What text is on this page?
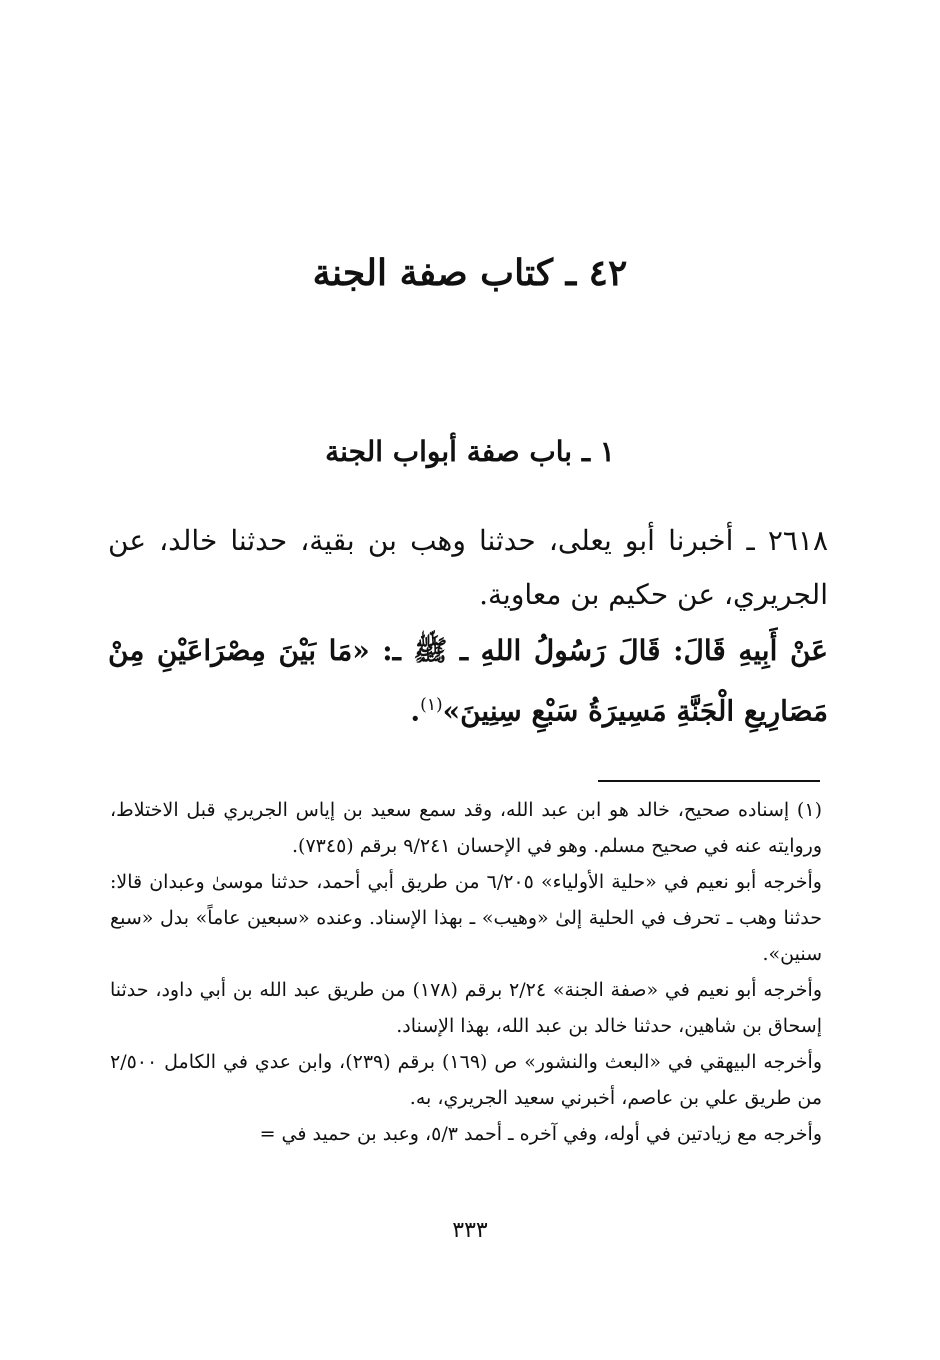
٤٢ ـ كتاب صفة الجنة
١ ـ باب صفة أبواب الجنة

٢٦١٨ ـ أخبرنا أبو يعلى، حدثنا وهب بن بقية، حدثنا خالد، عن الجريري، عن حكيم بن معاوية.

عَنْ أَبِيهِ قَالَ: قَالَ رَسُولُ اللهِ ـ ﷺ ـ: «مَا بَيْنَ مِصْرَاعَيْنِ مِنْ مَصَارِيعِ الْجَنَّةِ مَسِيرَةُ سَبْعِ سِنِينَ»$^{(١)}$.

(١) إسناده صحيح، خالد هو ابن عبد الله، وقد سمع سعيد بن إياس الجريري قبل الاختلاط، وروايته عنه في صحيح مسلم. وهو في الإحسان ٩/٢٤١ برقم (٧٣٤٥).

وأخرجه أبو نعيم في «حلية الأولياء» ٦/٢٠٥ من طريق أبي أحمد، حدثنا موسىٰ وعبدان قالا: حدثنا وهب ـ تحرف في الحلية إلىٰ «وهيب» ـ بهذا الإسناد. وعنده «سبعين عاماً» بدل «سبع سنين».

وأخرجه أبو نعيم في «صفة الجنة» ٢/٢٤ برقم (١٧٨) من طريق عبد الله بن أبي داود، حدثنا إسحاق بن شاهين، حدثنا خالد بن عبد الله، بهذا الإسناد.

وأخرجه البيهقي في «البعث والنشور» ص (١٦٩) برقم (٢٣٩)، وابن عدي في الكامل ٢/٥٠٠ من طريق علي بن عاصم، أخبرني سعيد الجريري، به.

وأخرجه مع زيادتين في أوله، وفي آخره ـ أحمد ٥/٣، وعبد بن حميد في =

٣٣٣
